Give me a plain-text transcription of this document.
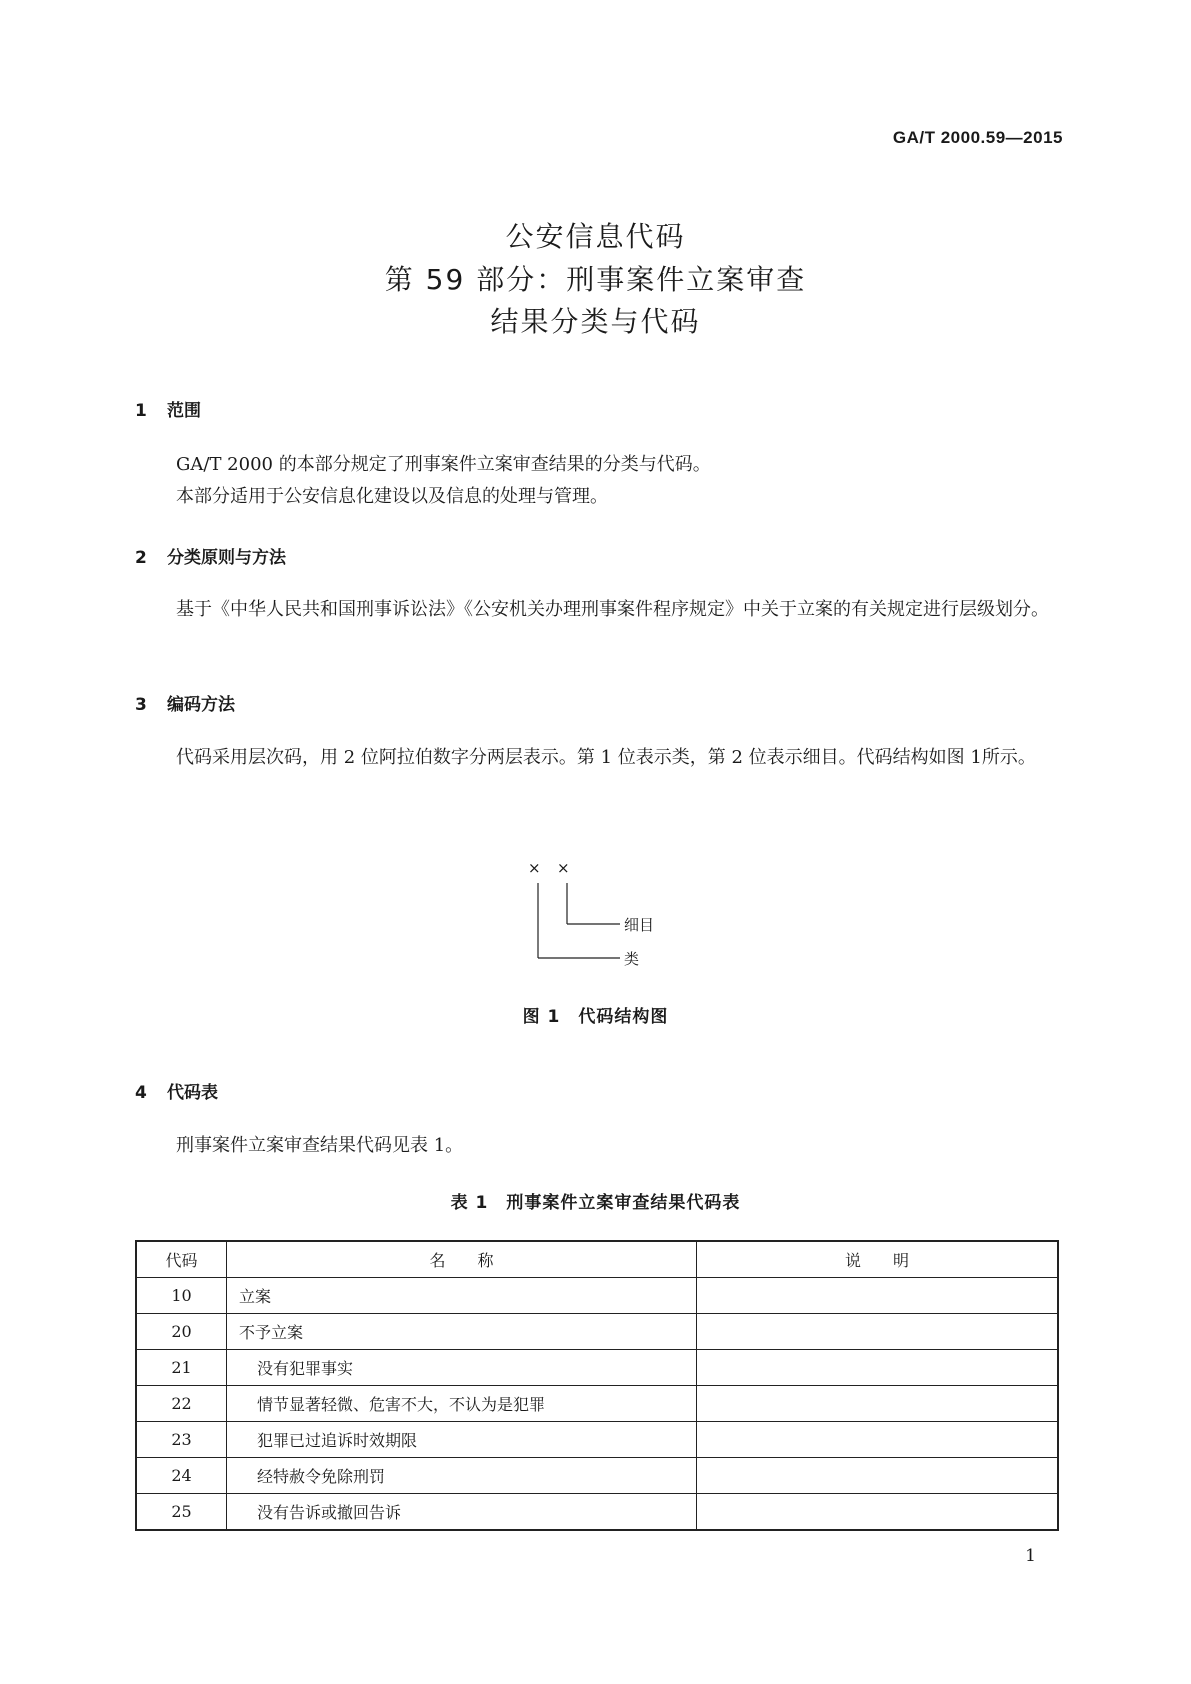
GA/T 2000.59—2015
公安信息代码
第 59 部分：刑事案件立案审查
结果分类与代码
1 范围
GA/T 2000 的本部分规定了刑事案件立案审查结果的分类与代码。
本部分适用于公安信息化建设以及信息的处理与管理。
2 分类原则与方法
基于《中华人民共和国刑事诉讼法》《公安机关办理刑事案件程序规定》中关于立案的有关规定进行层级划分。
3 编码方法
代码采用层次码，用 2 位阿拉伯数字分两层表示。第 1 位表示类，第 2 位表示细目。代码结构如图 1所示。
× ×
细目
类
图 1　代码结构图
4 代码表
刑事案件立案审查结果代码见表 1。
表 1　刑事案件立案审查结果代码表
代码	名　　称	说　　明
10	立案	
20	不予立案	
21	没有犯罪事实	
22	情节显著轻微、危害不大，不认为是犯罪	
23	犯罪已过追诉时效期限	
24	经特赦令免除刑罚	
25	没有告诉或撤回告诉	
1
